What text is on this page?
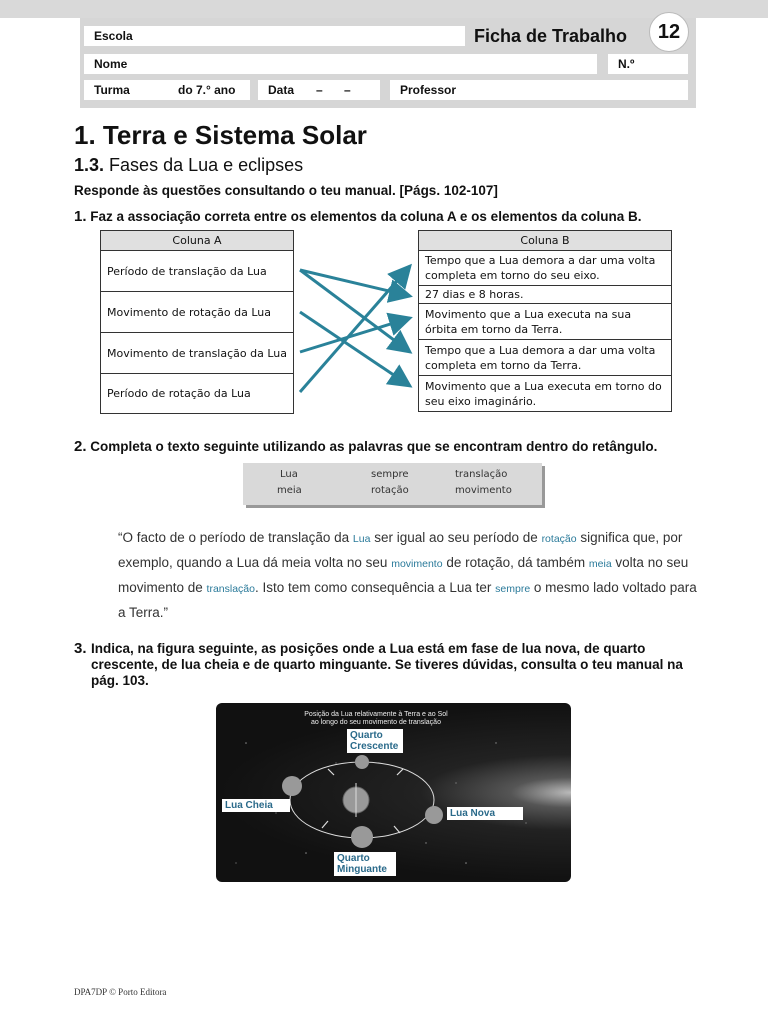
Escola	Ficha de Trabalho	12
Nome	N.º
Turma	do 7.° ano	Data – –	Professor
1. Terra e Sistema Solar
1.3. Fases da Lua e eclipses
Responde às questões consultando o teu manual. [Págs. 102-107]
1. Faz a associação correta entre os elementos da coluna A e os elementos da coluna B.
Coluna A
Período de translação da Lua
Movimento de rotação da Lua
Movimento de translação da Lua
Período de rotação da Lua
Coluna B
Tempo que a Lua demora a dar uma volta completa em torno do seu eixo.
27 dias e 8 horas.
Movimento que a Lua executa na sua órbita em torno da Terra.
Tempo que a Lua demora a dar uma volta completa em torno da Terra.
Movimento que a Lua executa em torno do seu eixo imaginário.
2. Completa o texto seguinte utilizando as palavras que se encontram dentro do retângulo.
Lua	sempre	translação
meia	rotação	movimento
“O facto de o período de translação da Lua ser igual ao seu período de rotação significa que, por exemplo, quando a Lua dá meia volta no seu movimento de rotação, dá também meia volta no seu movimento de translação. Isto tem como consequência a Lua ter sempre o mesmo lado voltado para a Terra.”
3. Indica, na figura seguinte, as posições onde a Lua está em fase de lua nova, de quarto crescente, de lua cheia e de quarto minguante. Se tiveres dúvidas, consulta o teu manual na pág. 103.
Posição da Lua relativamente à Terra e ao Sol
ao longo do seu movimento de translação
Quarto Crescente
Lua Cheia
Lua Nova
Quarto Minguante
DPA7DP © Porto Editora
